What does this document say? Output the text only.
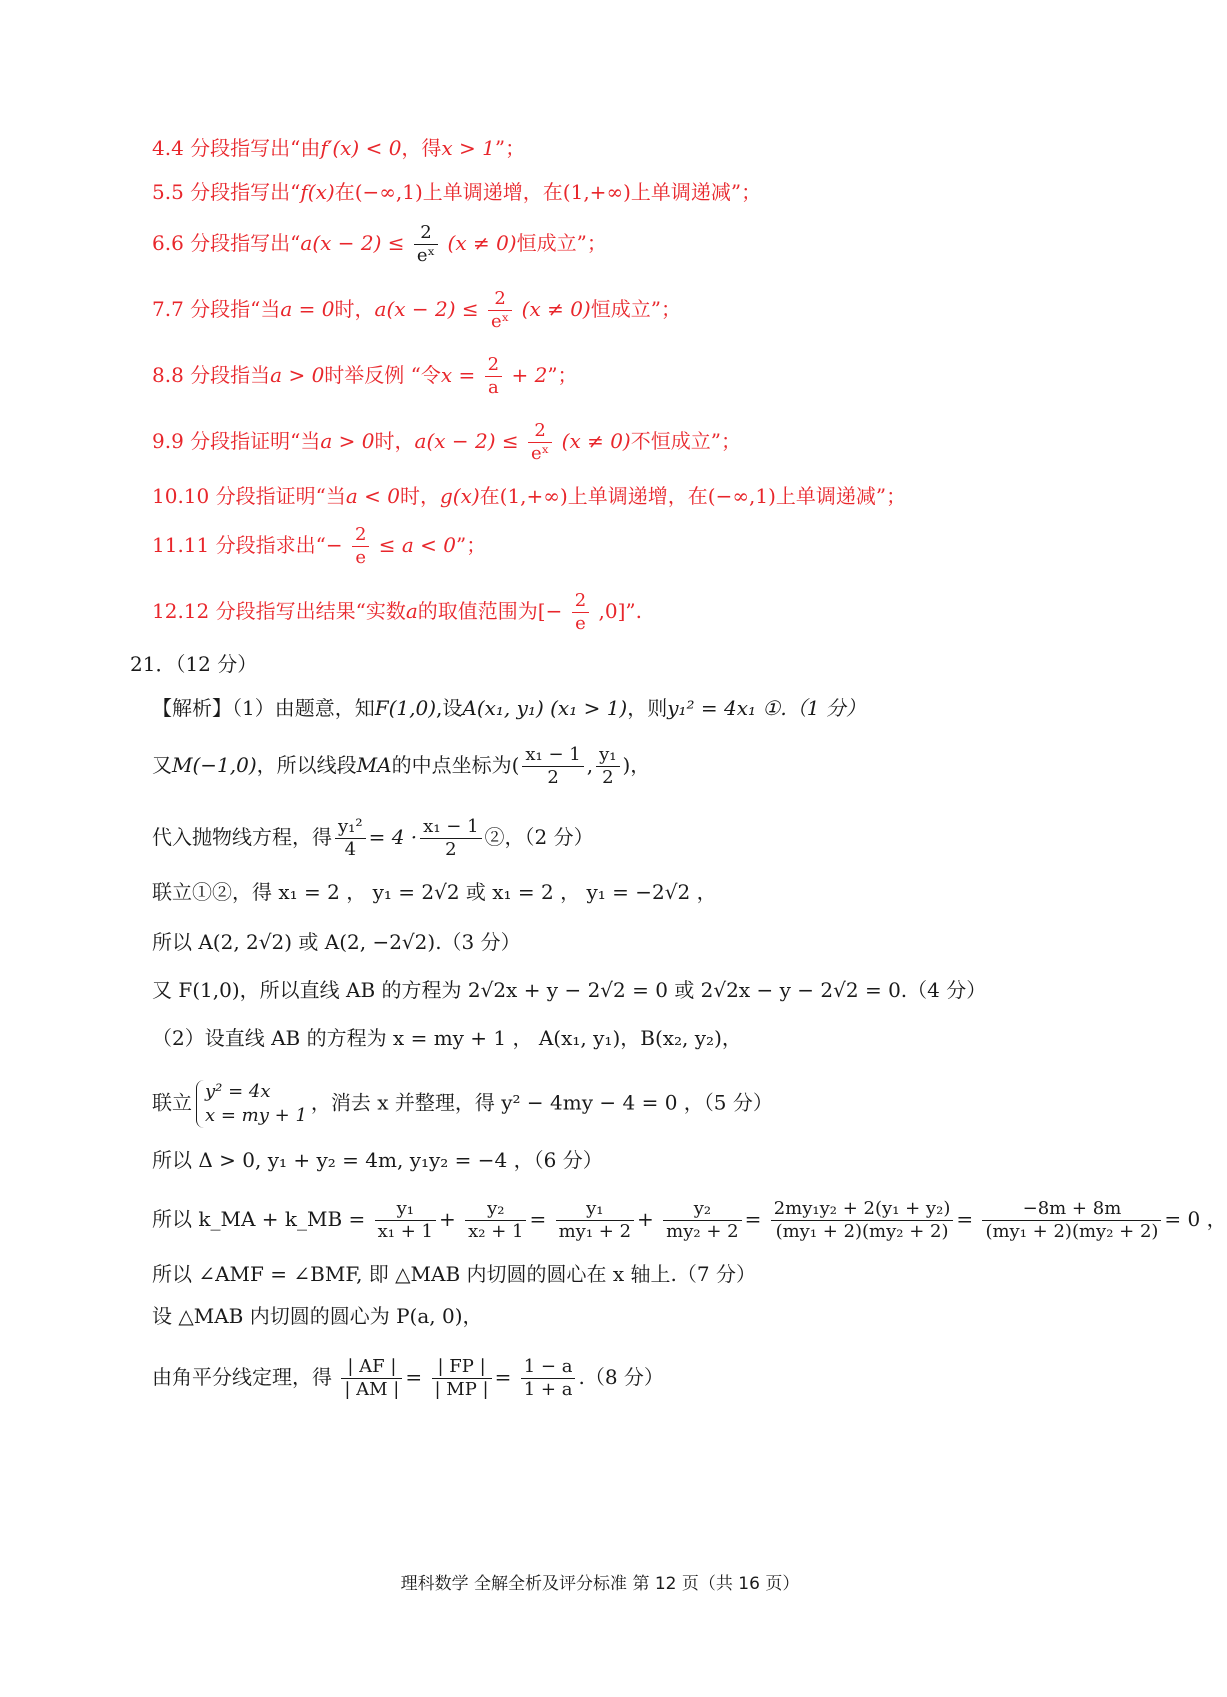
4.4 分段指写出“由f′(x) < 0，得x > 1”；
5.5 分段指写出“f(x)在(−∞,1)上单调递增，在(1,+∞)上单调递减”；
6.6 分段指写出“$a(x - 2) \le \frac{2}{\text{eˣ}} (x \ne 0)$恒成立”；
7.7 分段指“当a = 0时，$a(x - 2) \le \frac{2}{\text{eˣ}} (x \ne 0)$恒成立”；
8.8 分段指当a > 0时举反例 “令$x = \frac{2}{a} + 2$”；
9.9 分段指证明“当a > 0时，$a(x - 2) \le \frac{2}{\text{eˣ}} (x \ne 0)$不恒成立”；
10.10 分段指证明“当a < 0时，g(x)在(1,+∞)上单调递增，在(−∞,1)上单调递减”；
11.11 分段指求出“− $\frac{2}{e} \le a < 0$”；
12.12 分段指写出结果“实数a的取值范围为[− $\frac{2}{e} ,0$]”.
21．（12 分）
【解析】（1）由题意，知F(1,0),设A(x₁, y₁) (x₁ > 1)，则y₁² = 4x₁ ①.（1 分）
又M(−1,0)，所以线段MA的中点坐标为( $\frac{\text{x₁ − 1}}{2}$ , $\frac{\text{y₁}}{2}$ )，
代入抛物线方程，得 $\frac{\text{y₁²}}{4} = 4 \cdot \frac{\text{x₁ − 1}}{2}$ ②，（2 分）
联立①②，得 x₁ = 2 ， y₁ = 2√2 或 x₁ = 2 ， y₁ = −2√2 ，
所以 A(2, 2√2) 或 A(2, −2√2).（3 分）
又 F(1,0)，所以直线 AB 的方程为 2√2x + y − 2√2 = 0 或 2√2x − y − 2√2 = 0.（4 分）
（2）设直线 AB 的方程为 x = my + 1 ， A(x₁, y₁)，B(x₂, y₂)，
联立 y² = 4x
x = my + 1
，消去 x 并整理，得 y² − 4my − 4 = 0 ，（5 分）
所以 Δ > 0, y₁ + y₂ = 4m, y₁y₂ = −4 ，（6 分）
所以 k_MA + k_MB = $\frac{\text{y₁}}{\text{x₁ + 1}} + \frac{\text{y₂}}{\text{x₂ + 1}} = \frac{\text{y₁}}{\text{my₁ + 2}} + \frac{\text{y₂}}{\text{my₂ + 2}} = \frac{\text{2my₁y₂ + 2(y₁ + y₂)}}{\text{(my₁ + 2)(my₂ + 2)}} = \frac{-8m + 8m}{\text{(my₁ + 2)(my₂ + 2)}} = 0$ ，
所以 ∠AMF = ∠BMF, 即 △MAB 内切圆的圆心在 x 轴上.（7 分）
设 △MAB 内切圆的圆心为 P(a, 0)，
由角平分线定理，得 $\frac{| AF |}{| AM |} = \frac{| FP |}{| MP |} = \frac{1 - a}{1 + a} .(8$ 分）
理科数学 全解全析及评分标准 第 12 页（共 16 页）
